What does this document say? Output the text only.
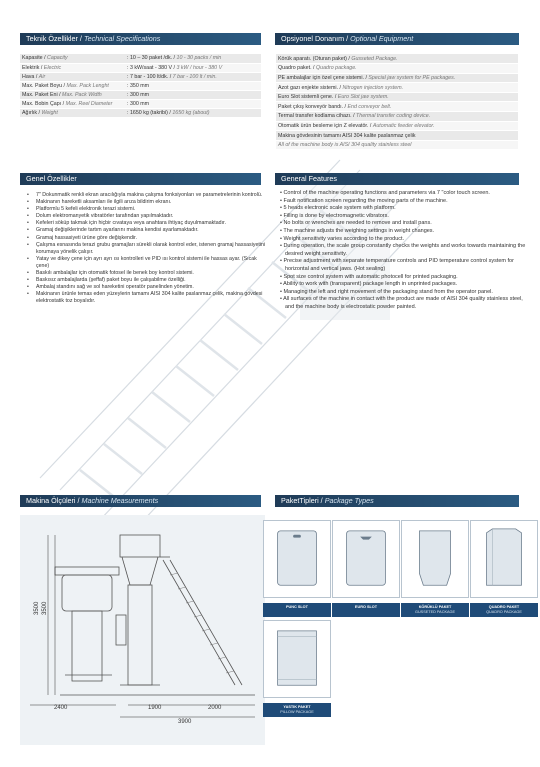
Teknik Özellikler / Technical Specifications
Kapasite / Capacity	: 10 – 30 paket /dk. / 10 - 30 packs / min
Elektrik / Electric	: 3 kW/saat - 380 V / 3 kW / hour - 380 V
Hava / Air	: 7 bar - 100 lt/dk. / 7 bar - 100 lt / min.
Max. Paket Boyu / Max. Pack Lenght	: 350 mm
Max. Paket Eni / Max. Pack Width	: 300 mm
Max. Bobin Çapı / Max. Reel Diameter	: 300 mm
Ağırlık / Weight	: 1650 kg (takribi) / 1650 kg (about)
Opsiyonel Donanım / Optional Equipment
Körük aparatı. (Oturan paket) / Gusseted Package.
Quadro paket. / Quadro package.
PE ambalajlar için özel çene sistemi. / Special jaw system for PE packages.
Azot gazı enjekte sistemi. / Nitrogen injection system.
Euro Slot sistemli çene. / Euro Slot jaw system.
Paket çıkış konveyör bandı. / End conveyor belt.
Termal transfer kodlama cihazı. / Thermal transfer coding device.
Otomatik ürün besleme için Z elevatör. / Automatic feeder elevator.
Makina gövdesinin tamamı AISI 304 kalite paslanmaz çelik
All of the machine body is AISI 304 quality stainless steel
Genel Özellikler
• 7" Dokunmatik renkli ekran aracılığıyla makina çalışma fonksiyonları ve parametrelerinin kontrolü.
• Makinanın hareketli aksamları ile ilgili arıza bildirim ekranı.
• Platformlu 5 kefeli elektronik terazi sistemi.
• Dolum elektromanyetik vibratörler tarafından yapılmaktadır.
• Kefeleri söküp takmak için hiçbir cıvataya veya anahtara ihtiyaç duyulmamaktadır.
• Gramaj değişiklerinde tartım ayarlarını makina kendisi ayarlamaktadır.
• Gramaj hassasiyeti ürüne göre değişkendir.
• Çalışma esnasında terazi grubu gramajları sürekli olarak kontrol eder, istenen gramaj hassasiyetini korumaya yönelik çalışır.
• Yatay ve dikey çene için ayrı ayrı ısı kontrolleri ve PID ısı kontrol sistemi ile hassas ayar. (Sıcak çene)
• Baskılı ambalajlar için otomatik fotosel ile benek boy kontrol sistemi.
• Baskısız ambalajlarda (şeffaf) paket boyu ile çalışabilme özelliği.
• Ambalaj standını sağ ve sol hareketini operatör panelinden yönetim.
• Makinanın ürünle temas eden yüzeylerin tamamı AISI 304 kalite paslanmaz çelik, makina gövdesi elektrostatik toz boyalıdır.
General Features
• Control of the machine operating functions and parameters via 7 "color touch screen.
• Fault notification screen regarding the moving parts of the machine.
• 5 heads electronic scale system with platform.
• Filling is done by electromagnetic vibrators.
• No bolts or wrenches are needed to remove and install pans.
• The machine adjusts the weighing settings in weight changes.
• Weight sensitivity varies according to the product.
• During operation, the scale group constantly checks the weights and works towards maintaining the desired weight sensitivity.
• Precise adjustment with separate temperature controls and PID temperature control system for horizontal and vertical jaws. (Hot sealing)
• Spot size control system with automatic photocell for printed packaging.
• Ability to work with (transparent) package length in unprinted packages.
• Managing the left and right movement of the packaging stand from the operator panel.
• All surfaces of the machine in contact with the product are made of AISI 304 quality stainless steel, and the machine body is electrostatic powder painted.
Makina Ölçüleri / Machine Measurements
2400	1900	2000
3900
3500 3500
PaketTipleri / Package Types
PUNC SLOT	EURO SLOT	KÖRÜKLÜ PAKET
GUSSETED PACKAGE
QUADRO PAKET
QUADRO PACKAGE
YASTIK PAKET
PILLOW PACKAGE
